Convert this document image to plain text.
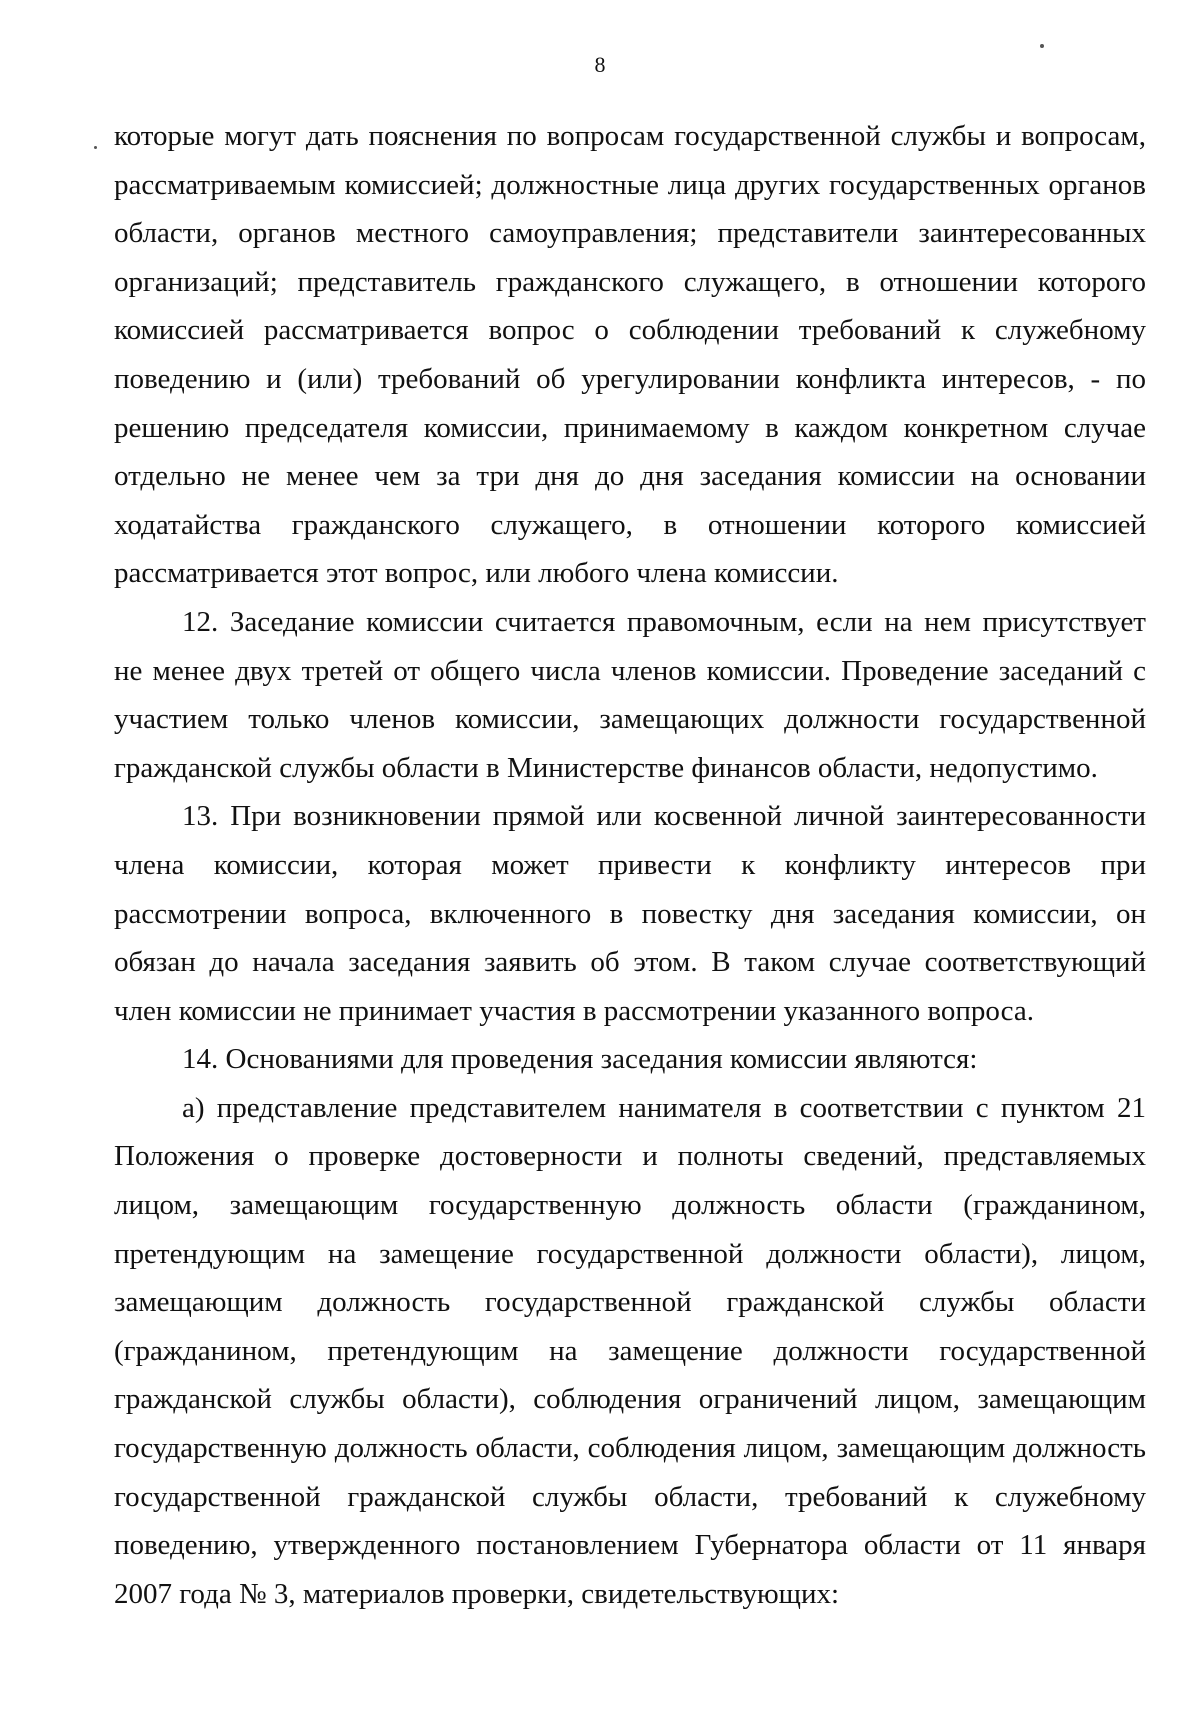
8

которые могут дать пояснения по вопросам государственной службы и вопросам, рассматриваемым комиссией; должностные лица других государственных органов области, органов местного самоуправления; представители заинтересованных организаций; представитель гражданского служащего, в отношении которого комиссией рассматривается вопрос о соблюдении требований к служебному поведению и (или) требований об урегулировании конфликта интересов, - по решению председателя комиссии, принимаемому в каждом конкретном случае отдельно не менее чем за три дня до дня заседания комиссии на основании ходатайства гражданского служащего, в отношении которого комиссией рассматривается этот вопрос, или любого члена комиссии.

12. Заседание комиссии считается правомочным, если на нем присутствует не менее двух третей от общего числа членов комиссии. Проведение заседаний с участием только членов комиссии, замещающих должности государственной гражданской службы области в Министерстве финансов области, недопустимо.

13. При возникновении прямой или косвенной личной заинтересованности члена комиссии, которая может привести к конфликту интересов при рассмотрении вопроса, включенного в повестку дня заседания комиссии, он обязан до начала заседания заявить об этом. В таком случае соответствующий член комиссии не принимает участия в рассмотрении указанного вопроса.

14. Основаниями для проведения заседания комиссии являются:

а) представление представителем нанимателя в соответствии с пунктом 21 Положения о проверке достоверности и полноты сведений, представляемых лицом, замещающим государственную должность области (гражданином, претендующим на замещение государственной должности области), лицом, замещающим должность государственной гражданской службы области (гражданином, претендующим на замещение должности государственной гражданской службы области), соблюдения ограничений лицом, замещающим государственную должность области, соблюдения лицом, замещающим должность государственной гражданской службы области, требований к служебному поведению, утвержденного постановлением Губернатора области от 11 января 2007 года № 3, материалов проверки, свидетельствующих:
